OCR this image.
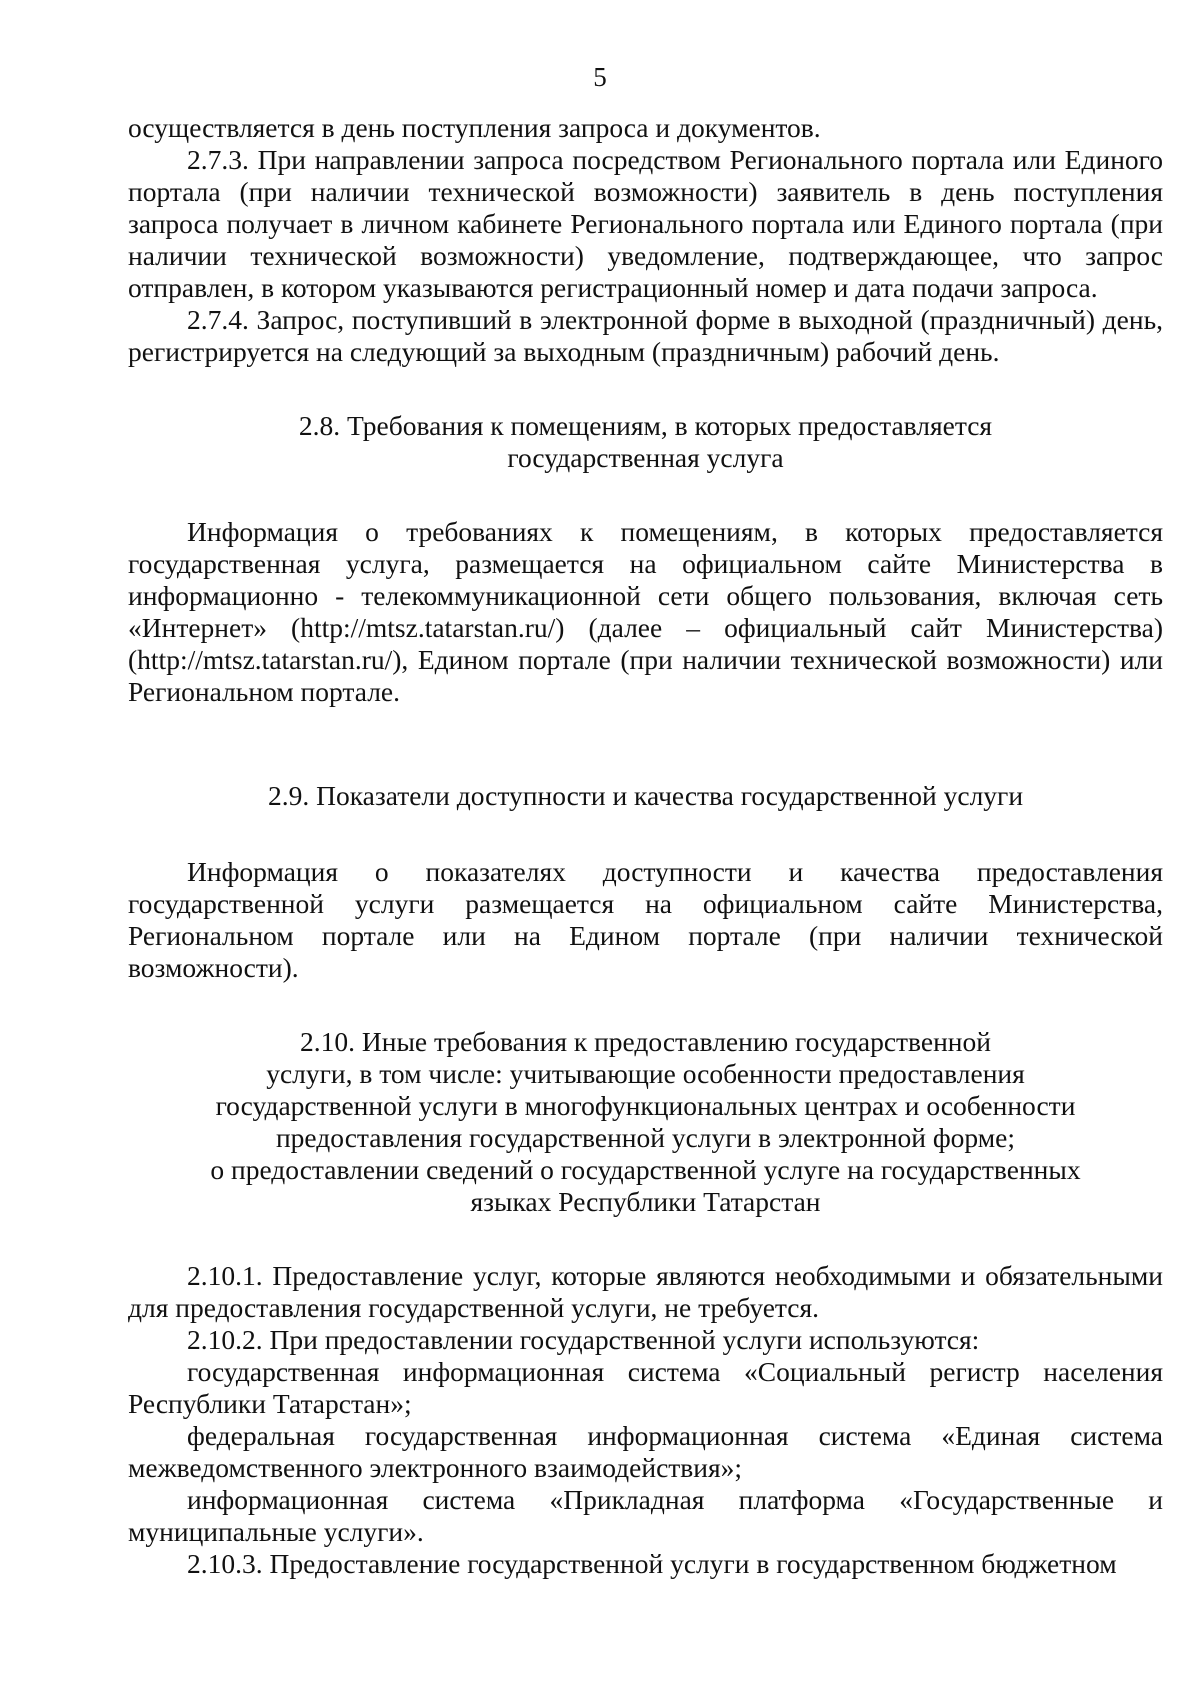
5

осуществляется в день поступления запроса и документов.

2.7.3. При направлении запроса посредством Регионального портала или Единого портала (при наличии технической возможности) заявитель в день поступления запроса получает в личном кабинете Регионального портала или Единого портала (при наличии технической возможности) уведомление, подтверждающее, что запрос отправлен, в котором указываются регистрационный номер и дата подачи запроса.

2.7.4. Запрос, поступивший в электронной форме в выходной (праздничный) день, регистрируется на следующий за выходным (праздничным) рабочий день.

2.8. Требования к помещениям, в которых предоставляется
государственная услуга

Информация о требованиях к помещениям, в которых предоставляется государственная услуга, размещается на официальном сайте Министерства в информационно - телекоммуникационной сети общего пользования, включая сеть «Интернет» (http://mtsz.tatarstan.ru/) (далее – официальный сайт Министерства) (http://mtsz.tatarstan.ru/), Едином портале (при наличии технической возможности) или Региональном портале.

2.9. Показатели доступности и качества государственной услуги

Информация о показателях доступности и качества предоставления государственной услуги размещается на официальном сайте Министерства, Региональном портале или на Едином портале (при наличии технической возможности).

2.10. Иные требования к предоставлению государственной
услуги, в том числе: учитывающие особенности предоставления
государственной услуги в многофункциональных центрах и особенности
предоставления государственной услуги в электронной форме;
о предоставлении сведений о государственной услуге на государственных
языках Республики Татарстан

2.10.1. Предоставление услуг, которые являются необходимыми и обязательными для предоставления государственной услуги, не требуется.

2.10.2. При предоставлении государственной услуги используются:

государственная информационная система «Социальный регистр населения Республики Татарстан»;

федеральная государственная информационная система «Единая система межведомственного электронного взаимодействия»;

информационная система «Прикладная платформа «Государственные и муниципальные услуги».

2.10.3. Предоставление государственной услуги в государственном бюджетном
